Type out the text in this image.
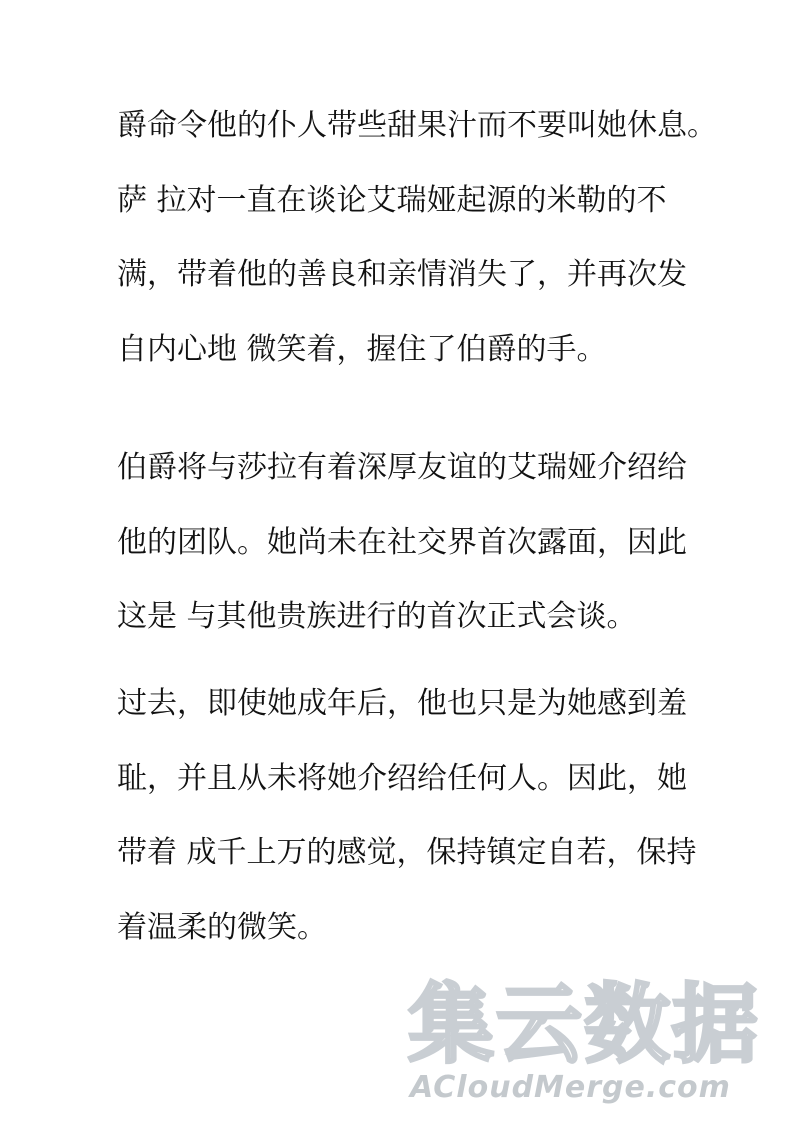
爵命令他的仆人带些甜果汁而不要叫她休息。
萨 拉对一直在谈论艾瑞娅起源的米勒的不
满，带着他的善良和亲情消失了，并再次发
自内心地 微笑着，握住了伯爵的手。
伯爵将与莎拉有着深厚友谊的艾瑞娅介绍给
他的团队。她尚未在社交界首次露面，因此
这是 与其他贵族进行的首次正式会谈。
过去，即使她成年后，他也只是为她感到羞
耻，并且从未将她介绍给任何人。因此，她
带着 成千上万的感觉，保持镇定自若，保持
着温柔的微笑。
集云数据
ACloudMerge.com
